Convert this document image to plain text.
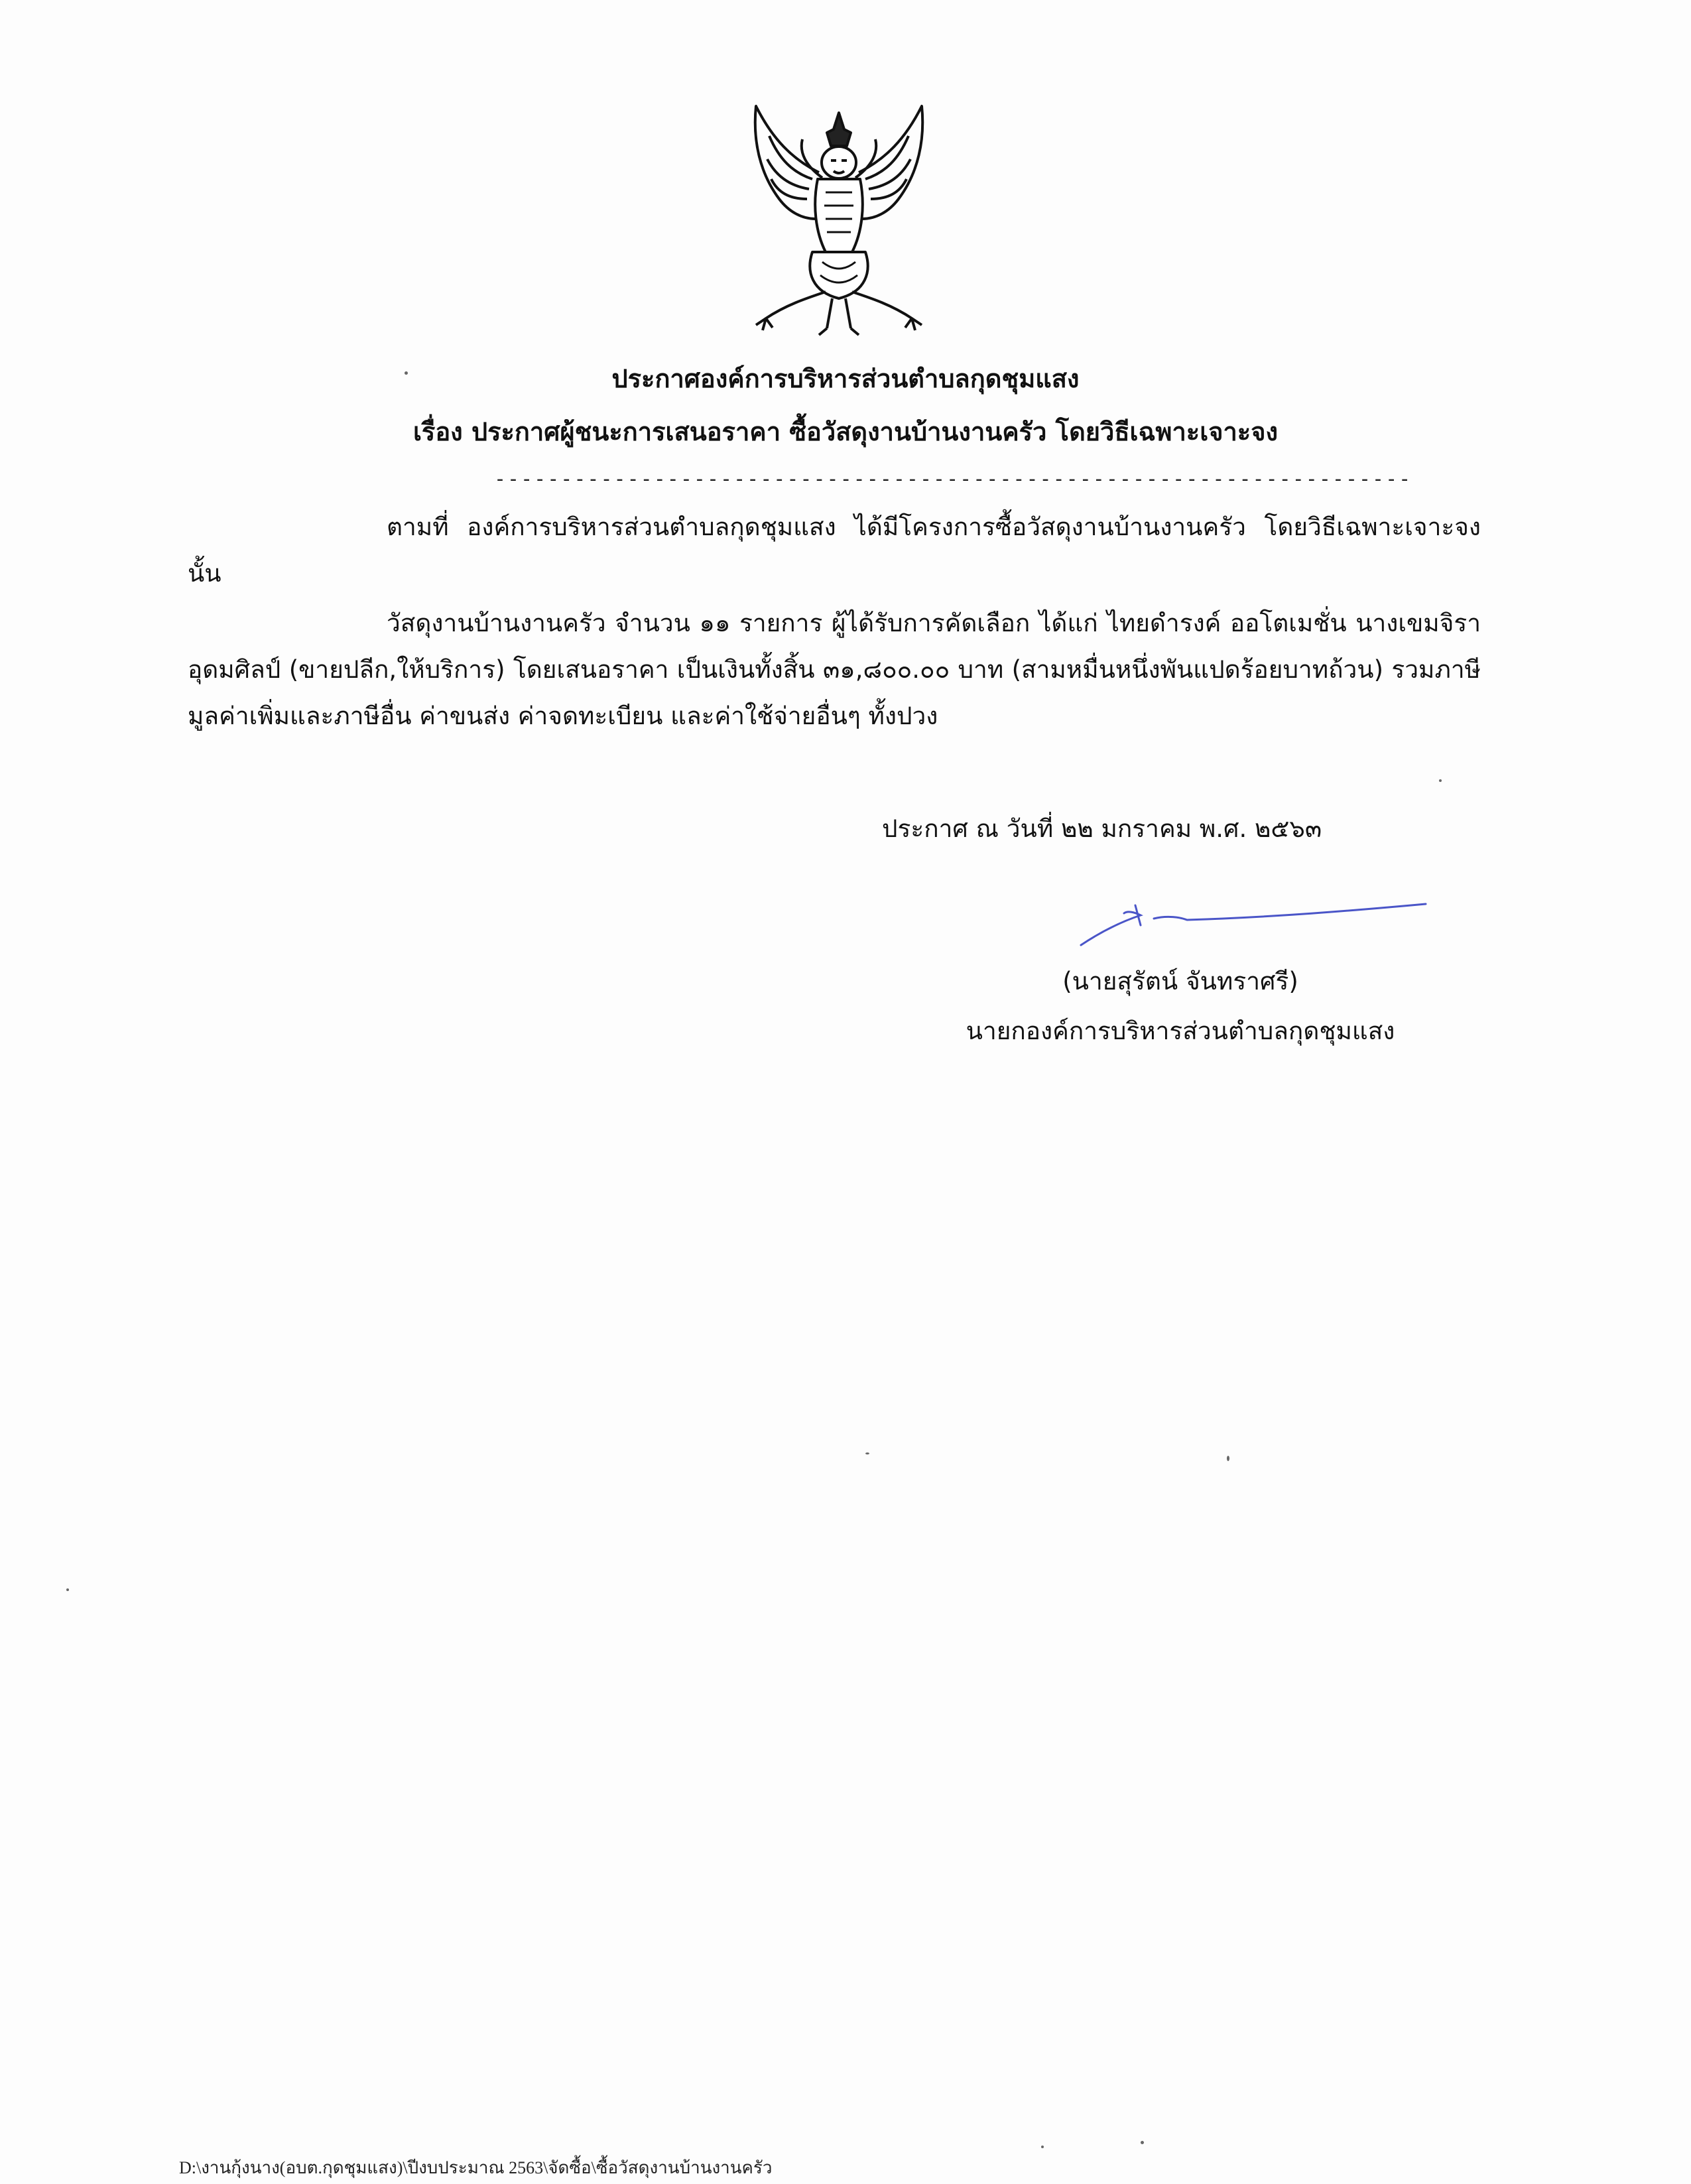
ประกาศองค์การบริหารส่วนตำบลกุดชุมแสง
เรื่อง ประกาศผู้ชนะการเสนอราคา ซื้อวัสดุงานบ้านงานครัว โดยวิธีเฉพาะเจาะจง
---------------------------------------------------------------------
ตามที่ องค์การบริหารส่วนตำบลกุดชุมแสง ได้มีโครงการซื้อวัสดุงานบ้านงานครัว โดยวิธีเฉพาะเจาะจง นั้น
วัสดุงานบ้านงานครัว จำนวน ๑๑ รายการ ผู้ได้รับการคัดเลือก ได้แก่ ไทยดำรงค์ ออโตเมชั่น นางเขมจิรา อุดมศิลป์ (ขายปลีก,ให้บริการ) โดยเสนอราคา เป็นเงินทั้งสิ้น ๓๑,๘๐๐.๐๐ บาท (สามหมื่นหนึ่งพันแปดร้อยบาทถ้วน) รวมภาษีมูลค่าเพิ่มและภาษีอื่น ค่าขนส่ง ค่าจดทะเบียน และค่าใช้จ่ายอื่นๆ ทั้งปวง
ประกาศ ณ วันที่ ๒๒ มกราคม พ.ศ. ๒๕๖๓
(นายสุรัตน์ จันทราศรี)
นายกองค์การบริหารส่วนตำบลกุดชุมแสง
D:\งานกุ้งนาง(อบต.กุดชุมแสง)\ปีงบประมาณ 2563\จัดซื้อ\ซื้อวัสดุงานบ้านงานครัว
